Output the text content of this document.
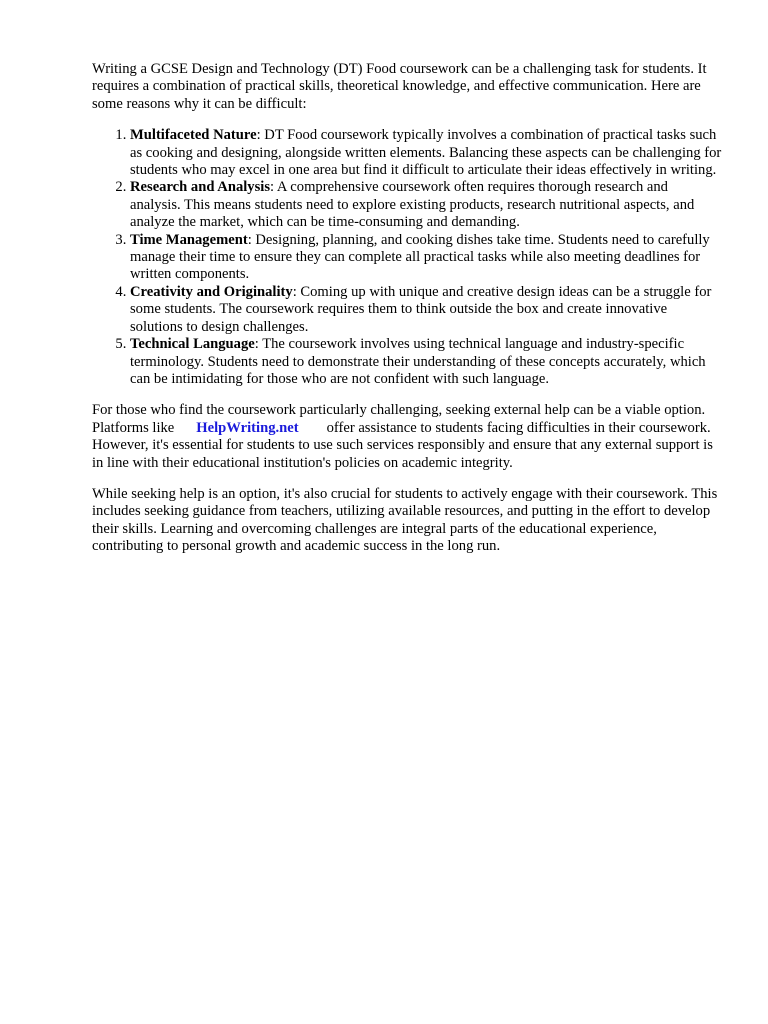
Writing a GCSE Design and Technology (DT) Food coursework can be a challenging task for students. It requires a combination of practical skills, theoretical knowledge, and effective communication. Here are some reasons why it can be difficult:

1. Multifaceted Nature: DT Food coursework typically involves a combination of practical tasks such as cooking and designing, alongside written elements. Balancing these aspects can be challenging for students who may excel in one area but find it difficult to articulate their ideas effectively in writing.
2. Research and Analysis: A comprehensive coursework often requires thorough research and analysis. This means students need to explore existing products, research nutritional aspects, and analyze the market, which can be time-consuming and demanding.
3. Time Management: Designing, planning, and cooking dishes take time. Students need to carefully manage their time to ensure they can complete all practical tasks while also meeting deadlines for written components.
4. Creativity and Originality: Coming up with unique and creative design ideas can be a struggle for some students. The coursework requires them to think outside the box and create innovative solutions to design challenges.
5. Technical Language: The coursework involves using technical language and industry-specific terminology. Students need to demonstrate their understanding of these concepts accurately, which can be intimidating for those who are not confident with such language.

For those who find the coursework particularly challenging, seeking external help can be a viable option. Platforms like HelpWriting.net offer assistance to students facing difficulties in their coursework. However, it's essential for students to use such services responsibly and ensure that any external support is in line with their educational institution's policies on academic integrity.

While seeking help is an option, it's also crucial for students to actively engage with their coursework. This includes seeking guidance from teachers, utilizing available resources, and putting in the effort to develop their skills. Learning and overcoming challenges are integral parts of the educational experience, contributing to personal growth and academic success in the long run.
